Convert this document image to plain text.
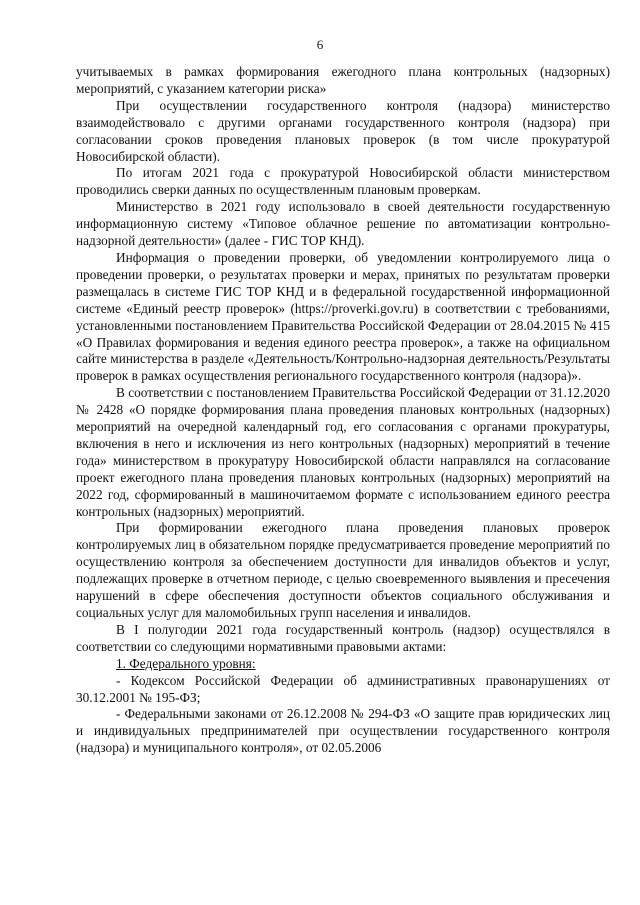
6

учитываемых в рамках формирования ежегодного плана контрольных (надзорных) мероприятий, с указанием категории риска»

При осуществлении государственного контроля (надзора) министерство взаимодействовало с другими органами государственного контроля (надзора) при согласовании сроков проведения плановых проверок (в том числе прокуратурой Новосибирской области).

По итогам 2021 года с прокуратурой Новосибирской области министерством проводились сверки данных по осуществленным плановым проверкам.

Министерство в 2021 году использовало в своей деятельности государственную информационную систему «Типовое облачное решение по автоматизации контрольно-надзорной деятельности» (далее - ГИС ТОР КНД).

Информация о проведении проверки, об уведомлении контролируемого лица о проведении проверки, о результатах проверки и мерах, принятых по результатам проверки размещалась в системе ГИС ТОР КНД и в федеральной государственной информационной системе «Единый реестр проверок» (https://proverki.gov.ru) в соответствии с требованиями, установленными постановлением Правительства Российской Федерации от 28.04.2015 № 415 «О Правилах формирования и ведения единого реестра проверок», а также на официальном сайте министерства в разделе «Деятельность/Контрольно-надзорная деятельность/Результаты проверок в рамках осуществления регионального государственного контроля (надзора)».

В соответствии с постановлением Правительства Российской Федерации от 31.12.2020 № 2428 «О порядке формирования плана проведения плановых контрольных (надзорных) мероприятий на очередной календарный год, его согласования с органами прокуратуры, включения в него и исключения из него контрольных (надзорных) мероприятий в течение года» министерством в прокуратуру Новосибирской области направлялся на согласование проект ежегодного плана проведения плановых контрольных (надзорных) мероприятий на 2022 год, сформированный в машиночитаемом формате с использованием единого реестра контрольных (надзорных) мероприятий.

При формировании ежегодного плана проведения плановых проверок контролируемых лиц в обязательном порядке предусматривается проведение мероприятий по осуществлению контроля за обеспечением доступности для инвалидов объектов и услуг, подлежащих проверке в отчетном периоде, с целью своевременного выявления и пресечения нарушений в сфере обеспечения доступности объектов социального обслуживания и социальных услуг для маломобильных групп населения и инвалидов.

В I полугодии 2021 года государственный контроль (надзор) осуществлялся в соответствии со следующими нормативными правовыми актами:

1. Федерального уровня:

- Кодексом Российской Федерации об административных правонарушениях от 30.12.2001 № 195-ФЗ;

- Федеральными законами от 26.12.2008 № 294-ФЗ «О защите прав юридических лиц и индивидуальных предпринимателей при осуществлении государственного контроля (надзора) и муниципального контроля», от 02.05.2006
